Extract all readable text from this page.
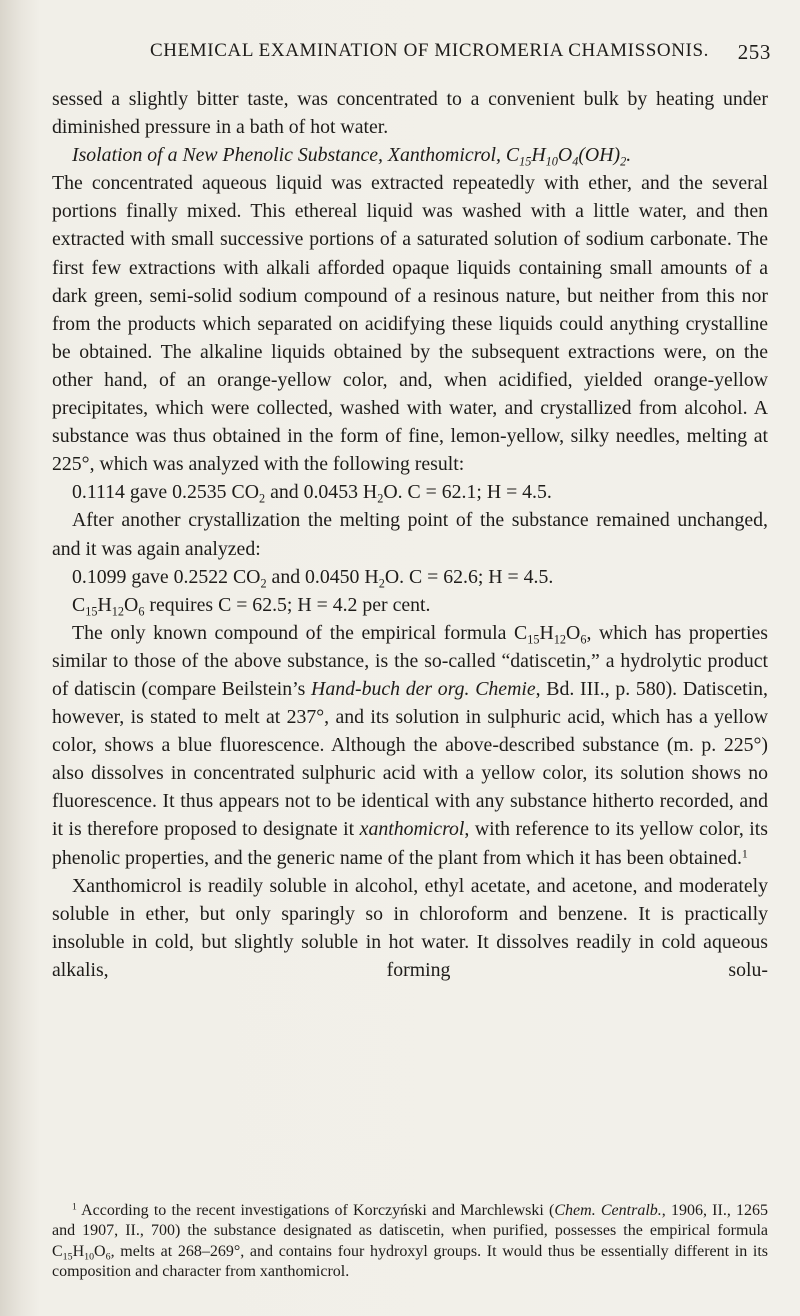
CHEMICAL EXAMINATION OF MICROMERIA CHAMISSONIS. 253

sessed a slightly bitter taste, was concentrated to a convenient bulk by heating under diminished pressure in a bath of hot water.

Isolation of a New Phenolic Substance, Xanthomicrol, $C_{15}H_{10}O_4(OH)_2$.

The concentrated aqueous liquid was extracted repeatedly with ether, and the several portions finally mixed. This ethereal liquid was washed with a little water, and then extracted with small successive portions of a saturated solution of sodium carbonate. The first few extractions with alkali afforded opaque liquids containing small amounts of a dark green, semi-solid sodium compound of a resinous nature, but neither from this nor from the products which separated on acidifying these liquids could anything crystalline be obtained. The alkaline liquids obtained by the subsequent extractions were, on the other hand, of an orange-yellow color, and, when acidified, yielded orange-yellow precipitates, which were collected, washed with water, and crystallized from alcohol. A substance was thus obtained in the form of fine, lemon-yellow, silky needles, melting at 225°, which was analyzed with the following result:

0.1114 gave 0.2535 $CO_2$ and 0.0453 $H_2O$. C = 62.1; H = 4.5.

After another crystallization the melting point of the substance remained unchanged, and it was again analyzed:

0.1099 gave 0.2522 $CO_2$ and 0.0450 $H_2O$. C = 62.6; H = 4.5.

$C_{15}H_{12}O_6$ requires C = 62.5; H = 4.2 per cent.

The only known compound of the empirical formula $C_{15}H_{12}O_6$, which has properties similar to those of the above substance, is the so-called “datiscetin,” a hydrolytic product of datiscin (compare Beilstein’s Hand-buch der org. Chemie, Bd. III., p. 580). Datiscetin, however, is stated to melt at 237°, and its solution in sulphuric acid, which has a yellow color, shows a blue fluorescence. Although the above-described substance (m. p. 225°) also dissolves in concentrated sulphuric acid with a yellow color, its solution shows no fluorescence. It thus appears not to be identical with any substance hitherto recorded, and it is therefore proposed to designate it xanthomicrol, with reference to its yellow color, its phenolic properties, and the generic name of the plant from which it has been obtained.$^1$

Xanthomicrol is readily soluble in alcohol, ethyl acetate, and acetone, and moderately soluble in ether, but only sparingly so in chloroform and benzene. It is practically insoluble in cold, but slightly soluble in hot water. It dissolves readily in cold aqueous alkalis, forming solu-

$^1$ According to the recent investigations of Korczyński and Marchlewski (Chem. Centralb., 1906, II., 1265 and 1907, II., 700) the substance designated as datiscetin, when purified, possesses the empirical formula $C_{15}H_{10}O_6$, melts at 268–269°, and contains four hydroxyl groups. It would thus be essentially different in its composition and character from xanthomicrol.
